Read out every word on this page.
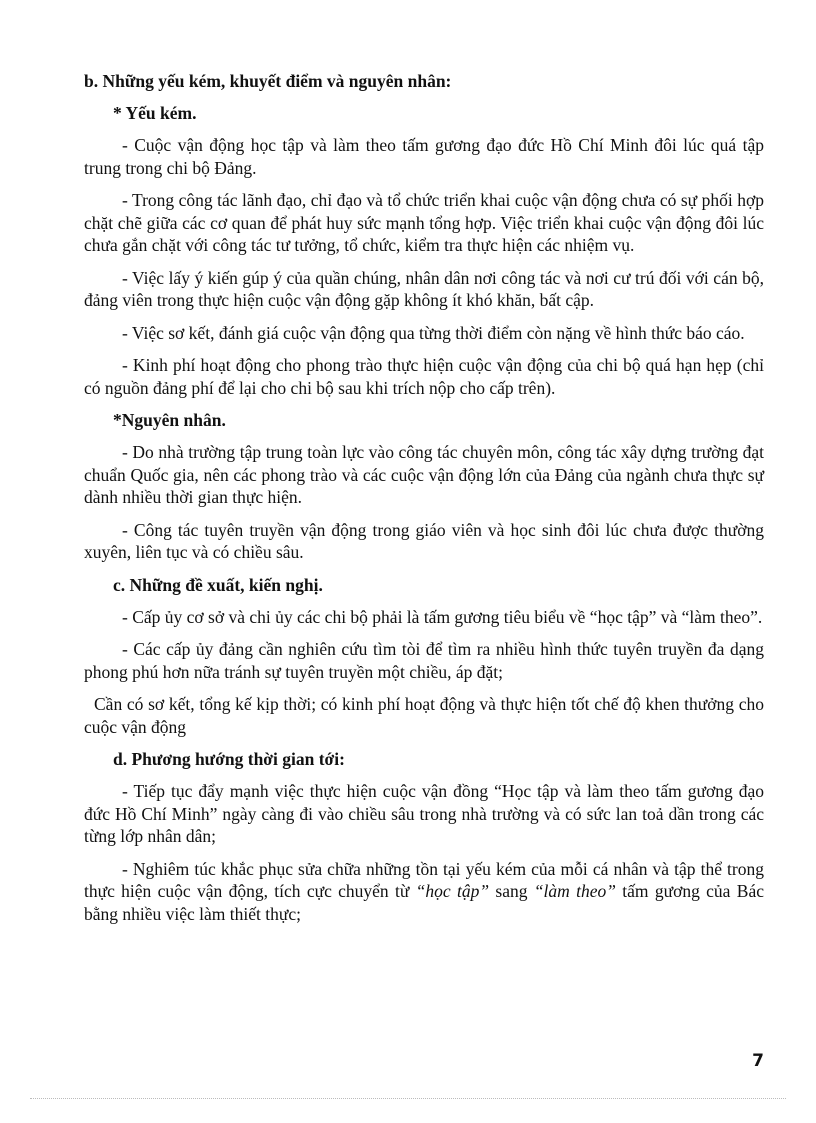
b. Những yếu kém, khuyết điểm và nguyên nhân:
* Yếu kém.

- Cuộc vận động học tập và làm theo tấm gương đạo đức Hồ Chí Minh đôi lúc quá tập trung trong chi bộ Đảng.

- Trong công tác lãnh đạo, chỉ đạo và tổ chức triển khai cuộc vận động chưa có sự phối hợp chặt chẽ giữa các cơ quan để phát huy sức mạnh tổng hợp. Việc triển khai cuộc vận động đôi lúc chưa gắn chặt với công tác tư tưởng, tổ chức, kiểm tra thực hiện các nhiệm vụ.

- Việc lấy ý kiến gúp ý của quần chúng, nhân dân nơi công tác và nơi cư trú đối với cán bộ, đảng viên trong thực hiện cuộc vận động gặp không ít khó khăn, bất cập.

- Việc sơ kết, đánh giá cuộc vận động qua từng thời điểm còn nặng về hình thức báo cáo.

- Kinh phí hoạt động cho phong trào thực hiện cuộc vận động của chi bộ quá hạn hẹp (chỉ có nguồn đảng phí để lại cho chi bộ sau khi trích nộp cho cấp trên).

*Nguyên nhân.

- Do nhà trường tập trung toàn lực vào công tác chuyên môn, công tác xây dựng trường đạt chuẩn Quốc gia, nên các phong trào và các cuộc vận động lớn của Đảng của ngành chưa thực sự dành nhiều thời gian thực hiện.

- Công tác tuyên truyền vận động trong giáo viên và học sinh đôi lúc chưa được thường xuyên, liên tục và có chiều sâu.

c. Những đề xuất, kiến nghị.

- Cấp ủy cơ sở và chi ủy các chi bộ phải là tấm gương tiêu biểu về “học tập” và “làm theo”.

- Các cấp ủy đảng cần nghiên cứu tìm tòi để tìm ra nhiều hình thức tuyên truyền đa dạng phong phú hơn nữa tránh sự tuyên truyền một chiều, áp đặt;

Cần có sơ kết, tổng kế kịp thời; có kinh phí hoạt động và thực hiện tốt chế độ khen thưởng cho cuộc vận động

d. Phương hướng thời gian tới:

- Tiếp tục đẩy mạnh việc thực hiện cuộc vận đồng “Học tập và làm theo tấm gương đạo đức Hồ Chí Minh” ngày càng đi vào chiều sâu trong nhà trường và có sức lan toả dần trong các từng lớp nhân dân;

- Nghiêm túc khắc phục sửa chữa những tồn tại yếu kém của mỗi cá nhân và tập thể trong thực hiện cuộc vận động, tích cực chuyển từ “học tập” sang “làm theo” tấm gương của Bác bằng nhiều việc làm thiết thực;

7
